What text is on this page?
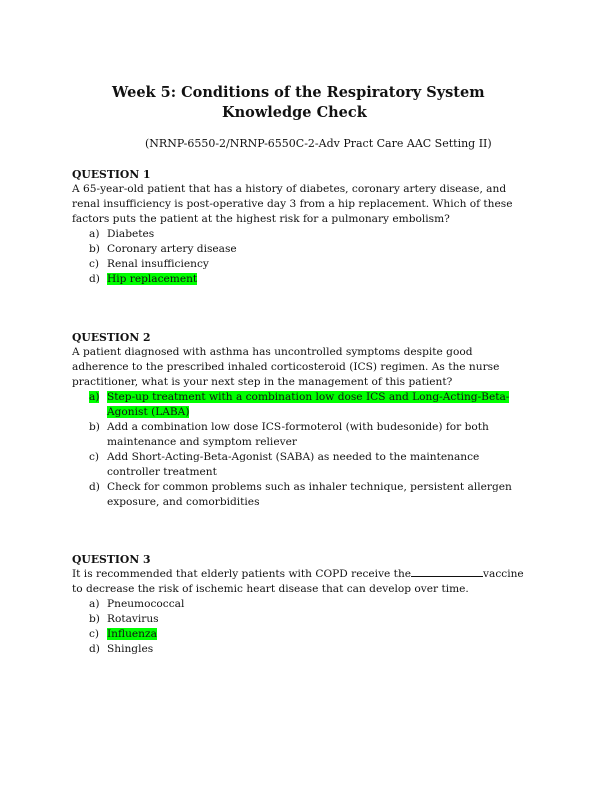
Week 5: Conditions of the Respiratory System
Knowledge Check
(NRNP-6550-2/NRNP-6550C-2-Adv Pract Care AAC Setting II)

QUESTION 1

A 65-year-old patient that has a history of diabetes, coronary artery disease, and renal insufficiency is post-operative day 3 from a hip replacement. Which of these factors puts the patient at the highest risk for a pulmonary embolism?

a) Diabetes
b) Coronary artery disease
c) Renal insufficiency
d) Hip replacement

QUESTION 2

A patient diagnosed with asthma has uncontrolled symptoms despite good adherence to the prescribed inhaled corticosteroid (ICS) regimen. As the nurse practitioner, what is your next step in the management of this patient?

a) Step-up treatment with a combination low dose ICS and Long-Acting-Beta-Agonist (LABA)
b) Add a combination low dose ICS-formoterol (with budesonide) for both maintenance and symptom reliever
c) Add Short-Acting-Beta-Agonist (SABA) as needed to the maintenance controller treatment
d) Check for common problems such as inhaler technique, persistent allergen exposure, and comorbidities

QUESTION 3

It is recommended that elderly patients with COPD receive the	vaccine to decrease the risk of ischemic heart disease that can develop over time.

a) Pneumococcal
b) Rotavirus
c) Influenza
d) Shingles
